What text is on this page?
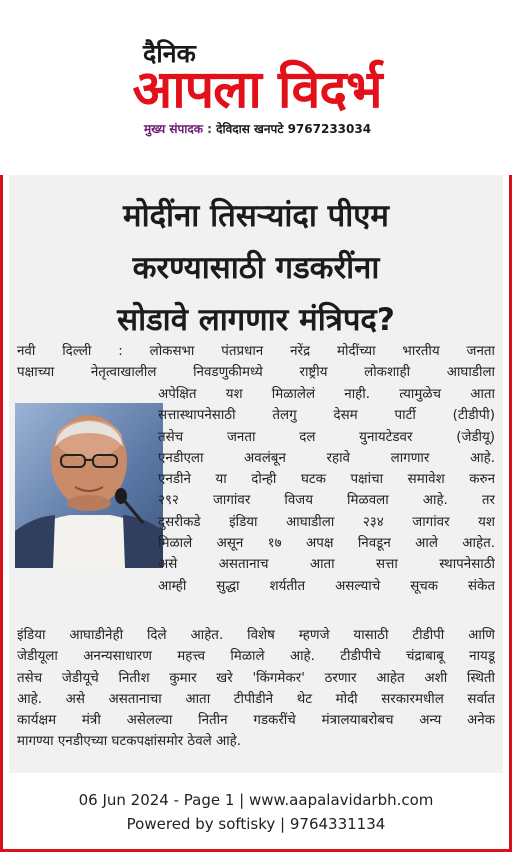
दैनिक
आपला विदर्भ
मुख्य संपादक : देविदास खनपटे 9767233034
मोदींना तिसऱ्यांदा पीएम
करण्यासाठी गडकरींना
सोडावे लागणार मंत्रिपद?
नवी दिल्ली : लोकसभा पंतप्रधान नरेंद्र मोदींच्या भारतीय जनता
पक्षाच्या नेतृत्वाखालील निवडणुकीमध्ये राष्ट्रीय लोकशाही आघाडीला
अपेक्षित यश मिळालेलं नाही. त्यामुळेच आता
सत्तास्थापनेसाठी तेलगु देसम पार्टी (टीडीपी)
तसेच जनता दल युनायटेडवर (जेडीयू)
एनडीएला अवलंबून रहावे लागणार आहे.
एनडीने या दोन्ही घटक पक्षांचा समावेश करुन
२९२ जागांवर विजय मिळवला आहे. तर
दुसरीकडे इंडिया आघाडीला २३४ जागांवर यश
मिळाले असून १७ अपक्ष निवडून आले आहेत.
असे असतानाच आता सत्ता स्थापनेसाठी
आम्ही सुद्धा शर्यतीत असल्याचे सूचक संकेत
इंडिया आघाडीनेही दिले आहेत. विशेष म्हणजे यासाठी टीडीपी आणि
जेडीयूला अनन्यसाधारण महत्त्व मिळाले आहे. टीडीपीचे चंद्राबाबू नायडू
तसेच जेडीयूचे नितीश कुमार खरे 'किंगमेकर' ठरणार आहेत अशी स्थिती
आहे. असे असतानाचा आता टीपीडीने थेट मोदी सरकारमधील सर्वात
कार्यक्षम मंत्री असेलल्या नितीन गडकरींचे मंत्रालयाबरोबच अन्य अनेक
मागण्या एनडीएच्या घटकपक्षांसमोर ठेवले आहे.
06 Jun 2024 - Page 1 | www.aapalavidarbh.com
Powered by softisky | 9764331134
